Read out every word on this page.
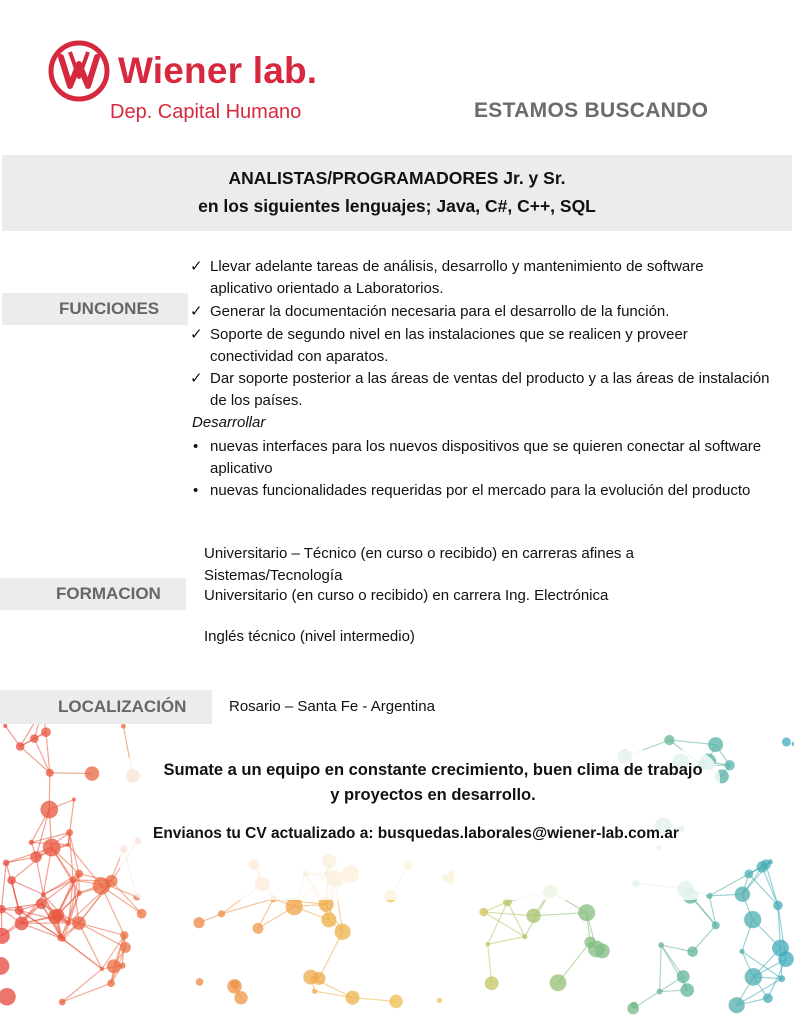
Wiener lab.
Dep. Capital Humano	ESTAMOS BUSCANDO
ANALISTAS/PROGRAMADORES Jr. y Sr.
en los siguientes lenguajes; Java, C#, C++, SQL
FUNCIONES
✓ Llevar adelante tareas de análisis, desarrollo y mantenimiento de software aplicativo orientado a Laboratorios.
✓ Generar la documentación necesaria para el desarrollo de la función.
✓ Soporte de segundo nivel en las instalaciones que se realicen y proveer conectividad con aparatos.
✓ Dar soporte posterior a las áreas de ventas del producto y a las áreas de instalación de los países.
Desarrollar
• nuevas interfaces para los nuevos dispositivos que se quieren conectar al software aplicativo
• nuevas funcionalidades requeridas por el mercado para la evolución del producto
FORMACION
Universitario – Técnico (en curso o recibido) en carreras afines a Sistemas/Tecnología
Universitario (en curso o recibido) en carrera Ing. Electrónica
Inglés técnico (nivel intermedio)
LOCALIZACIÓN	Rosario – Santa Fe - Argentina
Sumate a un equipo en constante crecimiento, buen clima de trabajo
y proyectos en desarrollo.
Envianos tu CV actualizado a: busquedas.laborales@wiener-lab.com.ar
